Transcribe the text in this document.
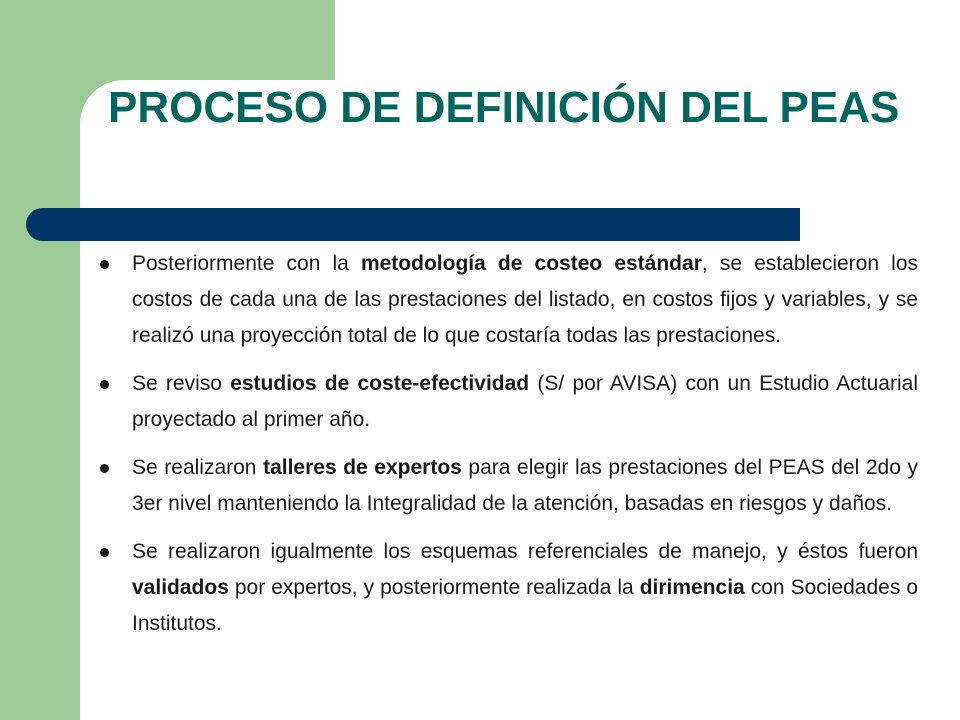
PROCESO DE DEFINICIÓN DEL PEAS
Posteriormente con la metodología de costeo estándar, se establecieron los costos de cada una de las prestaciones del listado, en costos fijos y variables, y se realizó una proyección total de lo que costaría todas las prestaciones.
Se reviso estudios de coste-efectividad (S/ por AVISA) con un Estudio Actuarial proyectado al primer año.
Se realizaron talleres de expertos para elegir las prestaciones del PEAS del 2do y 3er nivel manteniendo la Integralidad de la atención, basadas en riesgos y daños.
Se realizaron igualmente los esquemas referenciales de manejo, y éstos fueron validados por expertos, y posteriormente realizada la dirimencia con Sociedades o Institutos.
